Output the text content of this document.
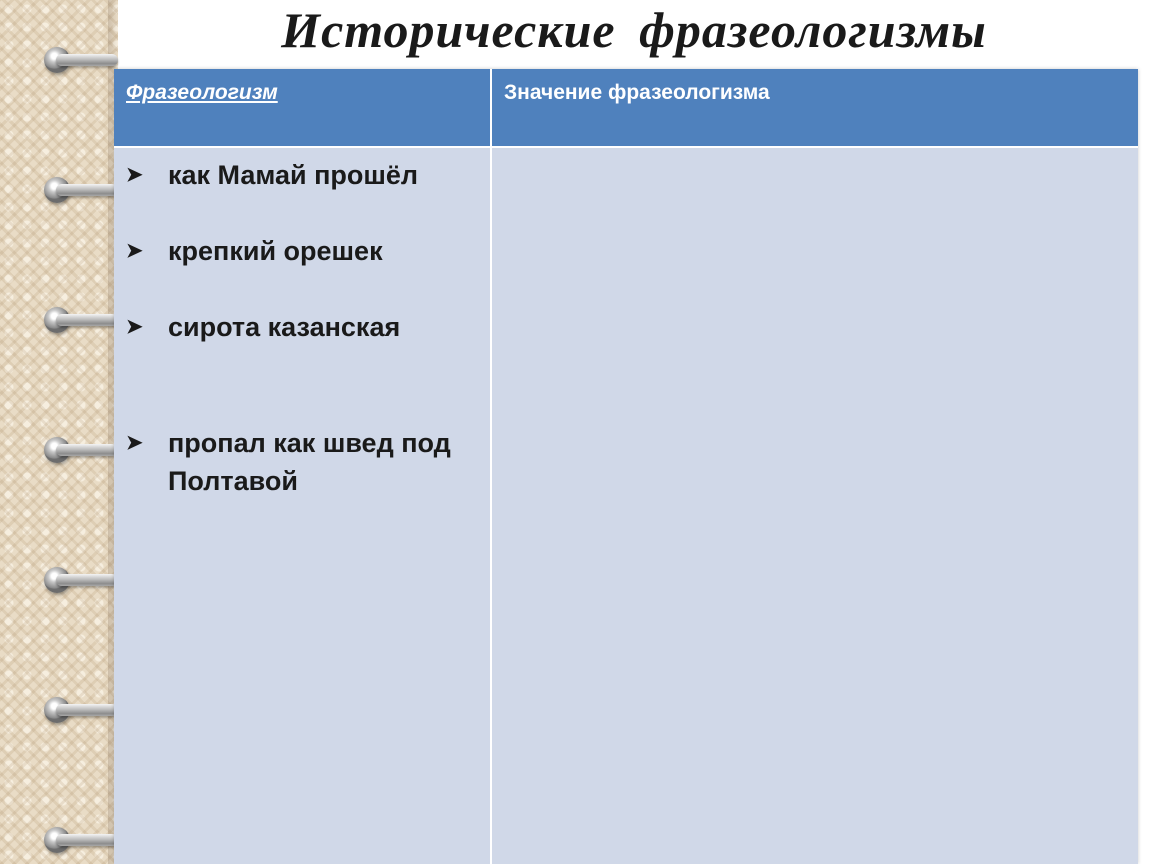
Исторические фразеологизмы
Фразеологизм	Значение фразеологизма
➤ как Мамай прошёл
➤ крепкий орешек
➤ сирота казанская
➤ пропал как швед под Полтавой
